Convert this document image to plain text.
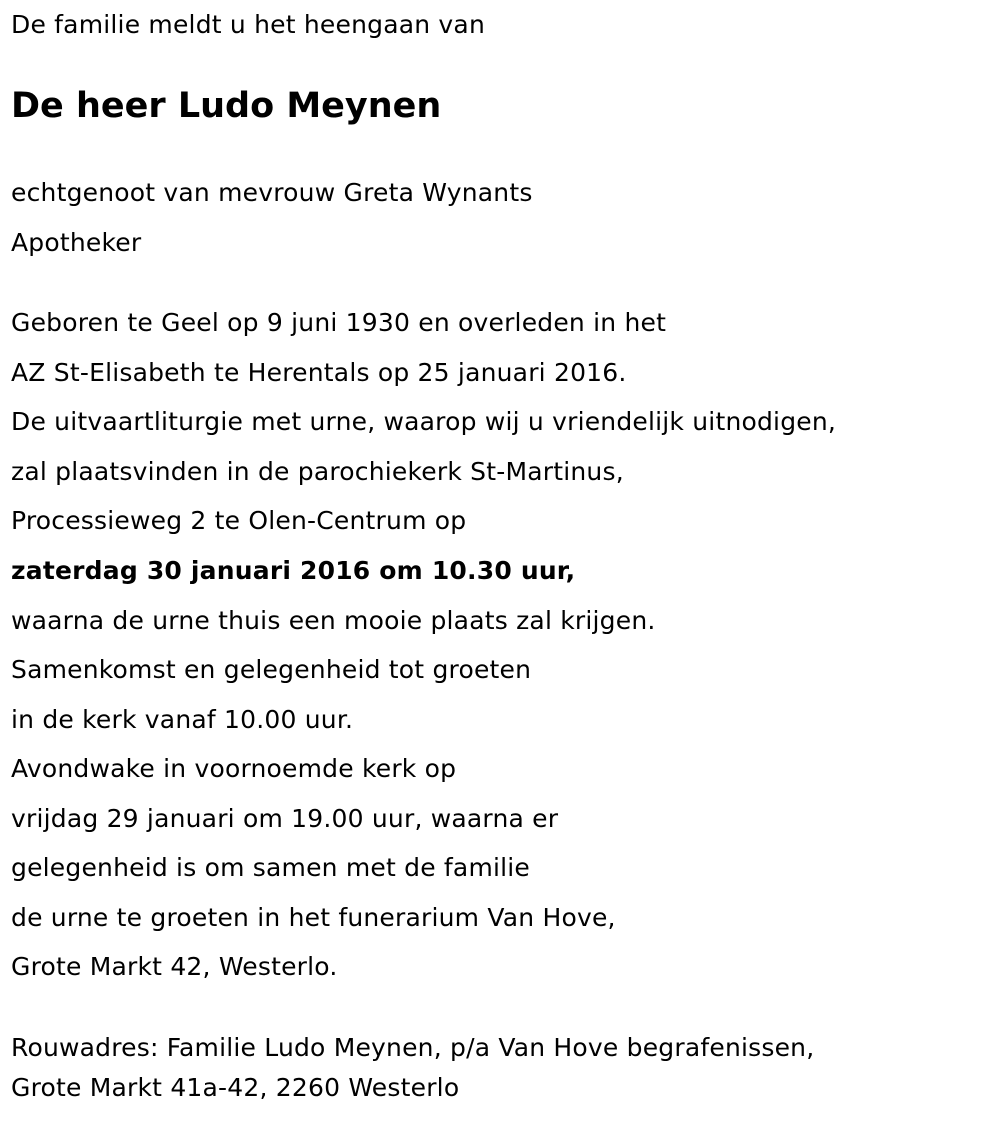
De familie meldt u het heengaan van
De heer Ludo Meynen
echtgenoot van mevrouw Greta Wynants
Apotheker
Geboren te Geel op 9 juni 1930 en overleden in het
AZ St-Elisabeth te Herentals op 25 januari 2016.
De uitvaartliturgie met urne, waarop wij u vriendelijk uitnodigen,
zal plaatsvinden in de parochiekerk St-Martinus,
Processieweg 2 te Olen-Centrum op
zaterdag 30 januari 2016 om 10.30 uur,
waarna de urne thuis een mooie plaats zal krijgen.
Samenkomst en gelegenheid tot groeten
in de kerk vanaf 10.00 uur.
Avondwake in voornoemde kerk op
vrijdag 29 januari om 19.00 uur, waarna er
gelegenheid is om samen met de familie
de urne te groeten in het funerarium Van Hove,
Grote Markt 42, Westerlo.
Rouwadres: Familie Ludo Meynen, p/a Van Hove begrafenissen,
Grote Markt 41a-42, 2260 Westerlo
